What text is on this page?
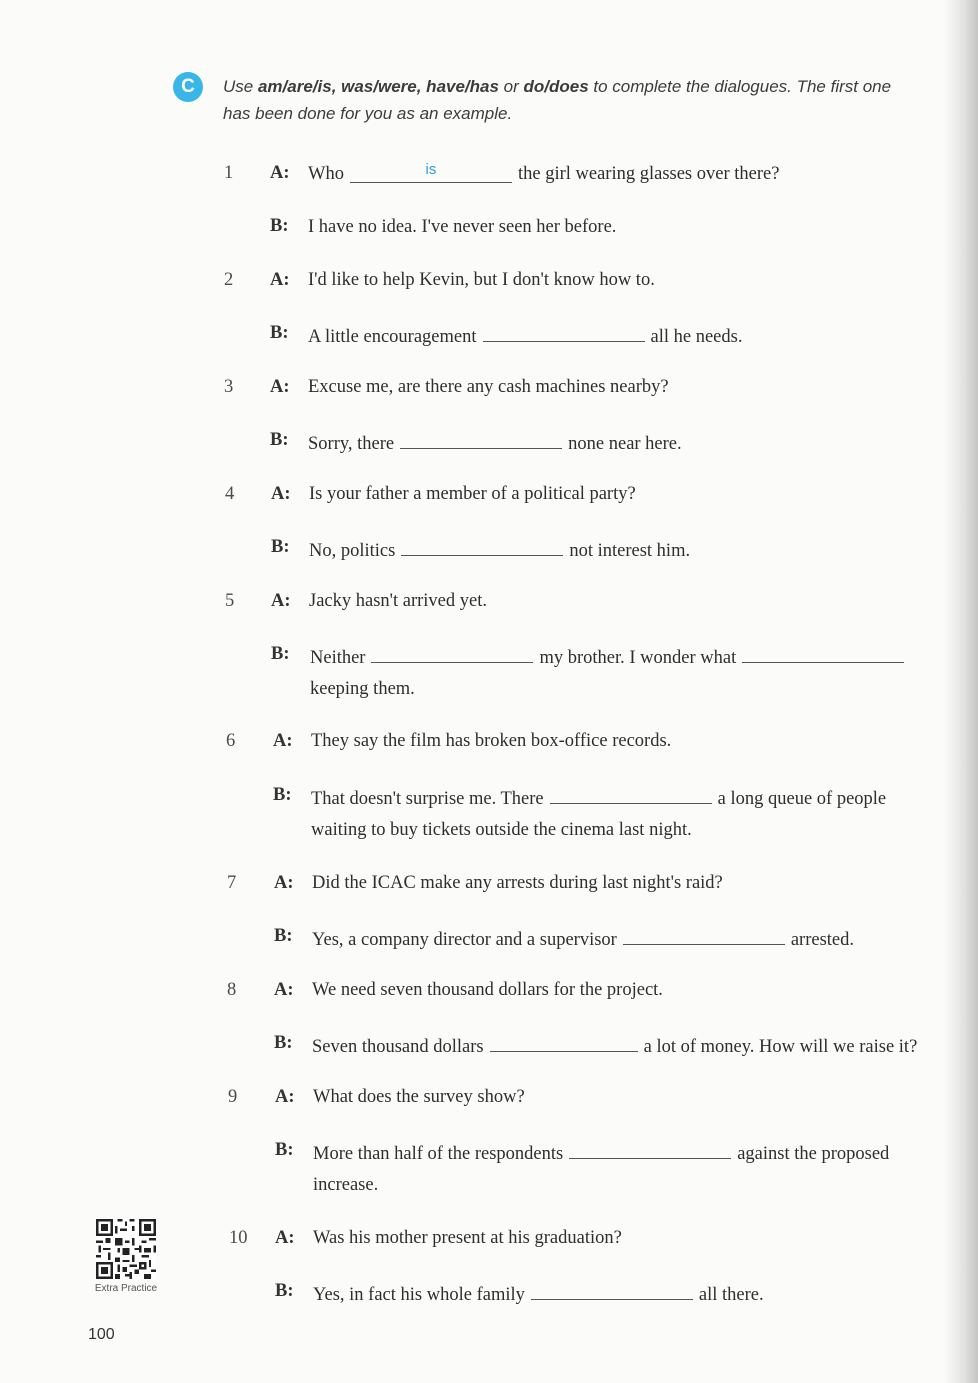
C Use am/are/is, was/were, have/has or do/does to complete the dialogues. The first one has been done for you as an example.
1 A: Who	$^{is}$	the girl wearing glasses over there?
B: I have no idea. I've never seen her before.
2 A: I'd like to help Kevin, but I don't know how to.
B: A little encouragement	all he needs.
3 A: Excuse me, are there any cash machines nearby?
B: Sorry, there	none near here.
4 A: Is your father a member of a political party?
B: No, politics	not interest him.
5 A: Jacky hasn't arrived yet.
B: Neither	my brother. I wonder what
keeping them.
6 A: They say the film has broken box-office records.
B: That doesn't surprise me. There	a long queue of people
waiting to buy tickets outside the cinema last night.
7 A: Did the ICAC make any arrests during last night's raid?
B: Yes, a company director and a supervisor	arrested.
8 A: We need seven thousand dollars for the project.
B: Seven thousand dollars	a lot of money. How will we raise it?
9 A: What does the survey show?
B: More than half of the respondents	against the proposed
increase.
10 A: Was his mother present at his graduation?
B: Yes, in fact his whole family	all there.
Extra Practice
100
